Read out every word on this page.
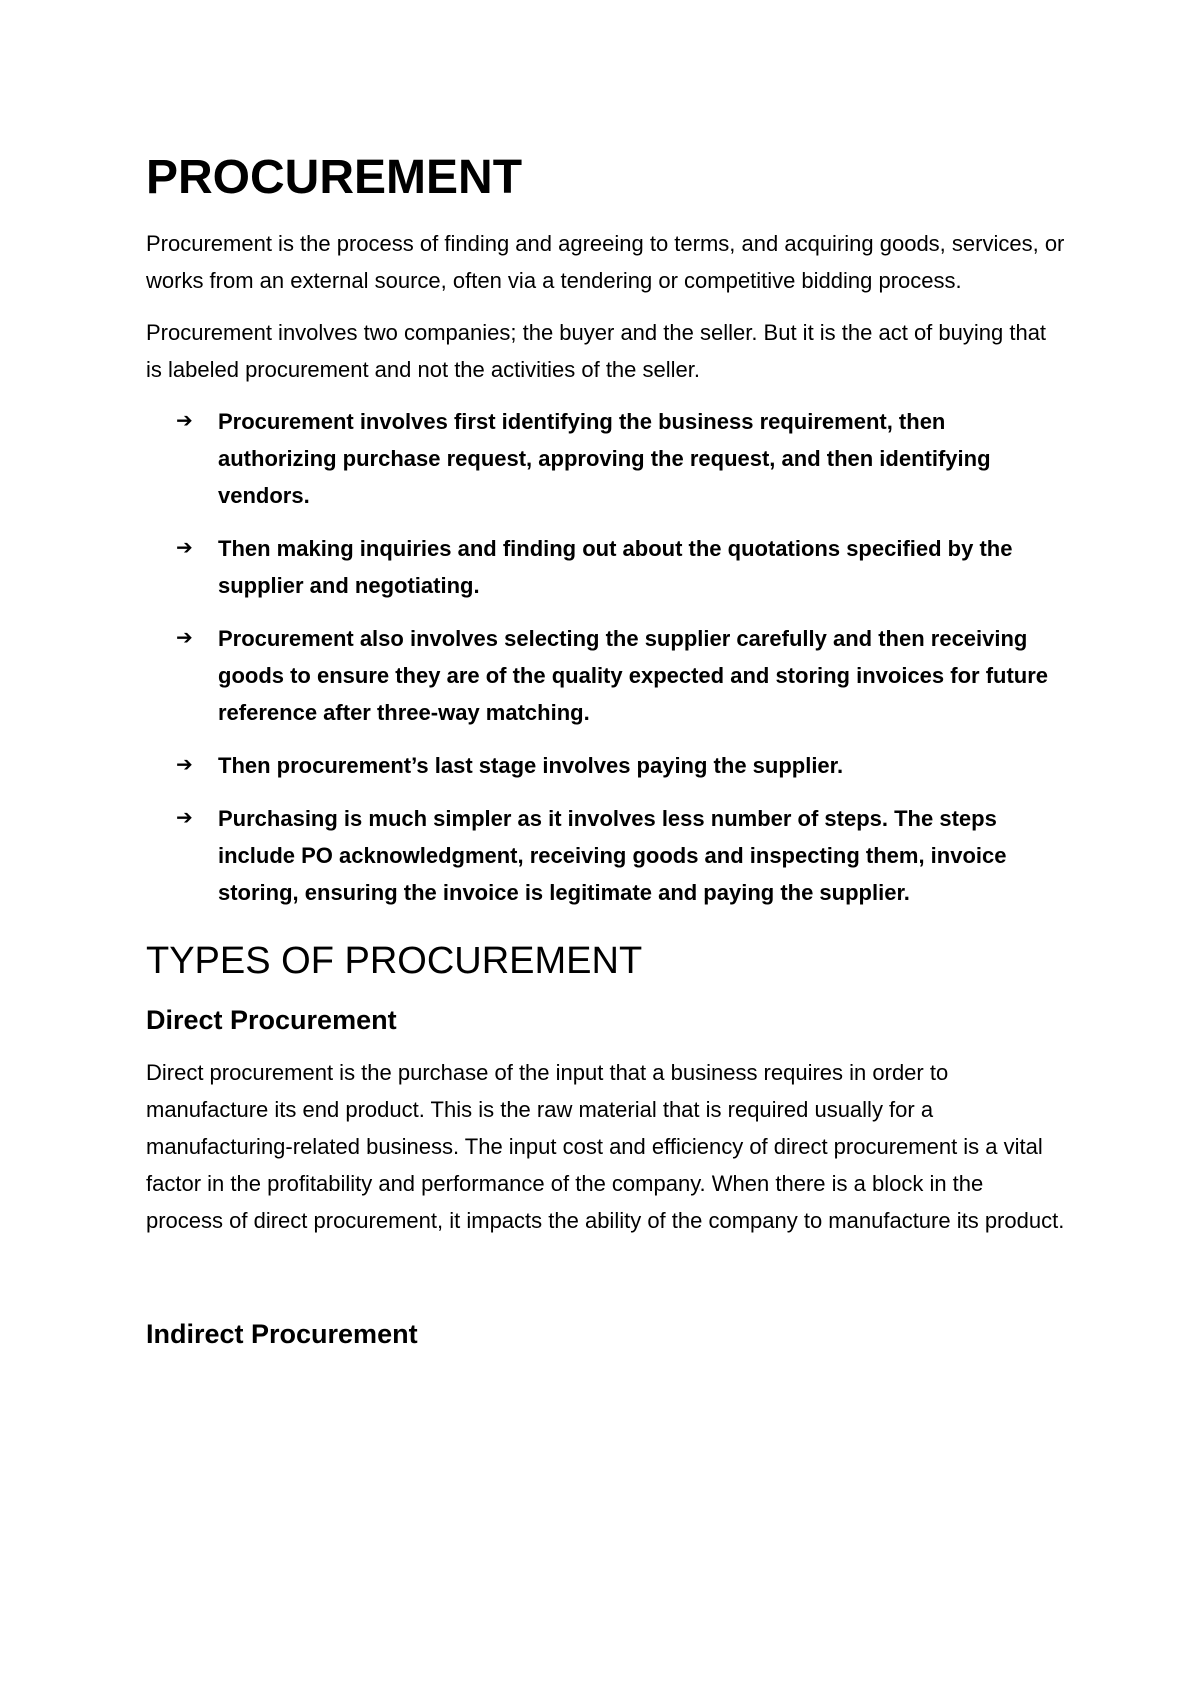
PROCUREMENT

Procurement is the process of finding and agreeing to terms, and acquiring goods, services, or works from an external source, often via a tendering or competitive bidding process.

Procurement involves two companies; the buyer and the seller. But it is the act of buying that is labeled procurement and not the activities of the seller.

➔ Procurement involves first identifying the business requirement, then authorizing purchase request, approving the request, and then identifying vendors.
➔ Then making inquiries and finding out about the quotations specified by the supplier and negotiating.
➔ Procurement also involves selecting the supplier carefully and then receiving goods to ensure they are of the quality expected and storing invoices for future reference after three-way matching.
➔ Then procurement’s last stage involves paying the supplier.
➔ Purchasing is much simpler as it involves less number of steps. The steps include PO acknowledgment, receiving goods and inspecting them, invoice storing, ensuring the invoice is legitimate and paying the supplier.
TYPES OF PROCUREMENT
Direct Procurement

Direct procurement is the purchase of the input that a business requires in order to manufacture its end product. This is the raw material that is required usually for a manufacturing-related business. The input cost and efficiency of direct procurement is a vital factor in the profitability and performance of the company. When there is a block in the process of direct procurement, it impacts the ability of the company to manufacture its product.

Indirect Procurement
